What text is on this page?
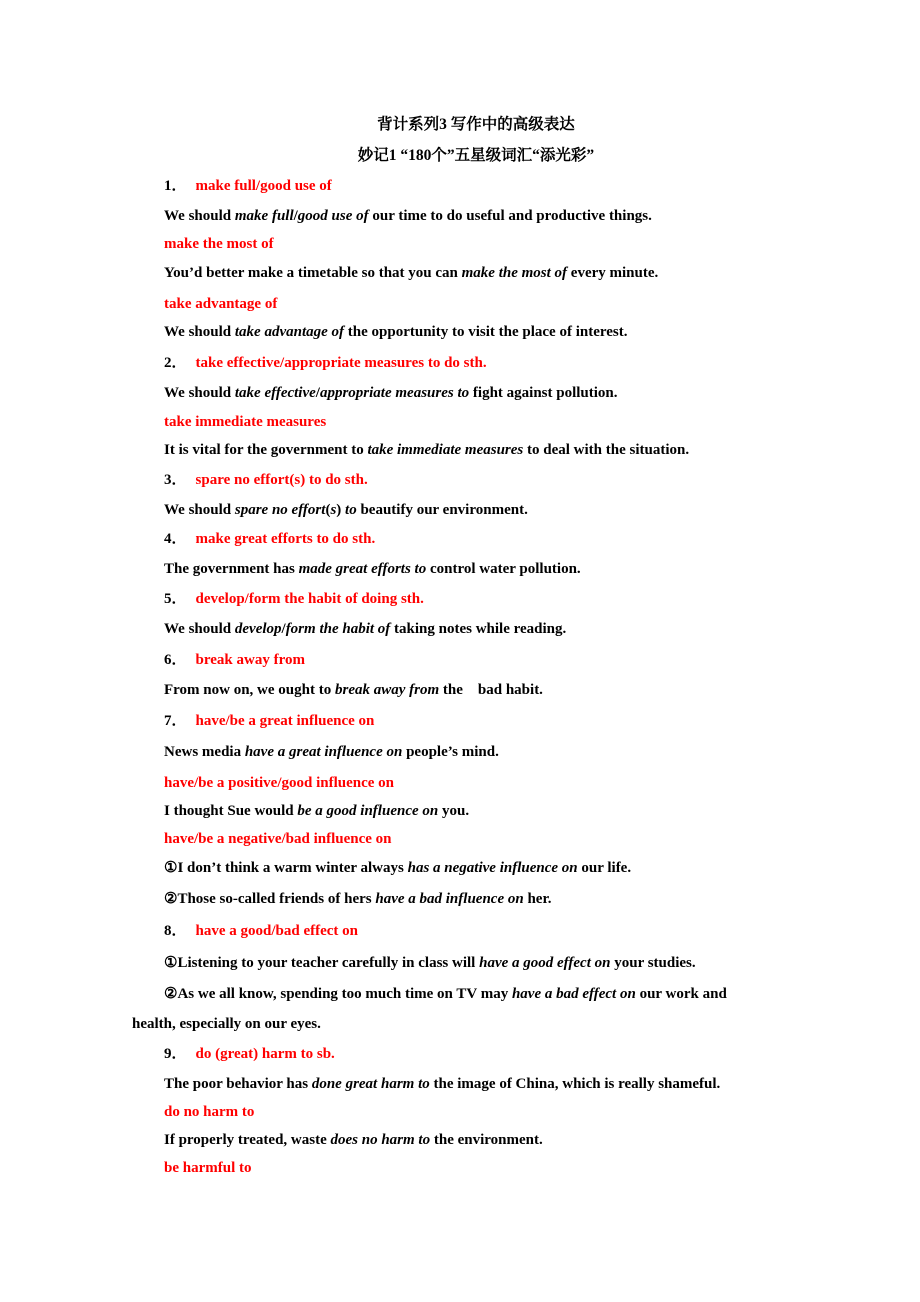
背计系列3 写作中的高级表达
妙记1 “180个”五星级词汇“添光彩”
1． make full/good use of
We should make full/good use of our time to do useful and productive things.
make the most of
You’d better make a timetable so that you can make the most of every minute.
take advantage of
We should take advantage of the opportunity to visit the place of interest.
2． take effective/appropriate measures to do sth.
We should take effective/appropriate measures to fight against pollution.
take immediate measures
It is vital for the government to take immediate measures to deal with the situation.
3． spare no effort(s) to do sth.
We should spare no effort(s) to beautify our environment.
4． make great efforts to do sth.
The government has made great efforts to control water pollution.
5． develop/form the habit of doing sth.
We should develop/form the habit of taking notes while reading.
6． break away from
From now on, we ought to break away from the    bad habit.
7． have/be a great influence on
News media have a great influence on people’s mind.
have/be a positive/good influence on
I thought Sue would be a good influence on you.
have/be a negative/bad influence on
①I don’t think a warm winter always has a negative influence on our life.
②Those so-called friends of hers have a bad influence on her.
8． have a good/bad effect on
①Listening to your teacher carefully in class will have a good effect on your studies.
②As we all know, spending too much time on TV may have a bad effect on our work and
health, especially on our eyes.
9． do (great) harm to sb.
The poor behavior has done great harm to the image of China, which is really shameful.
do no harm to
If properly treated, waste does no harm to the environment.
be harmful to
